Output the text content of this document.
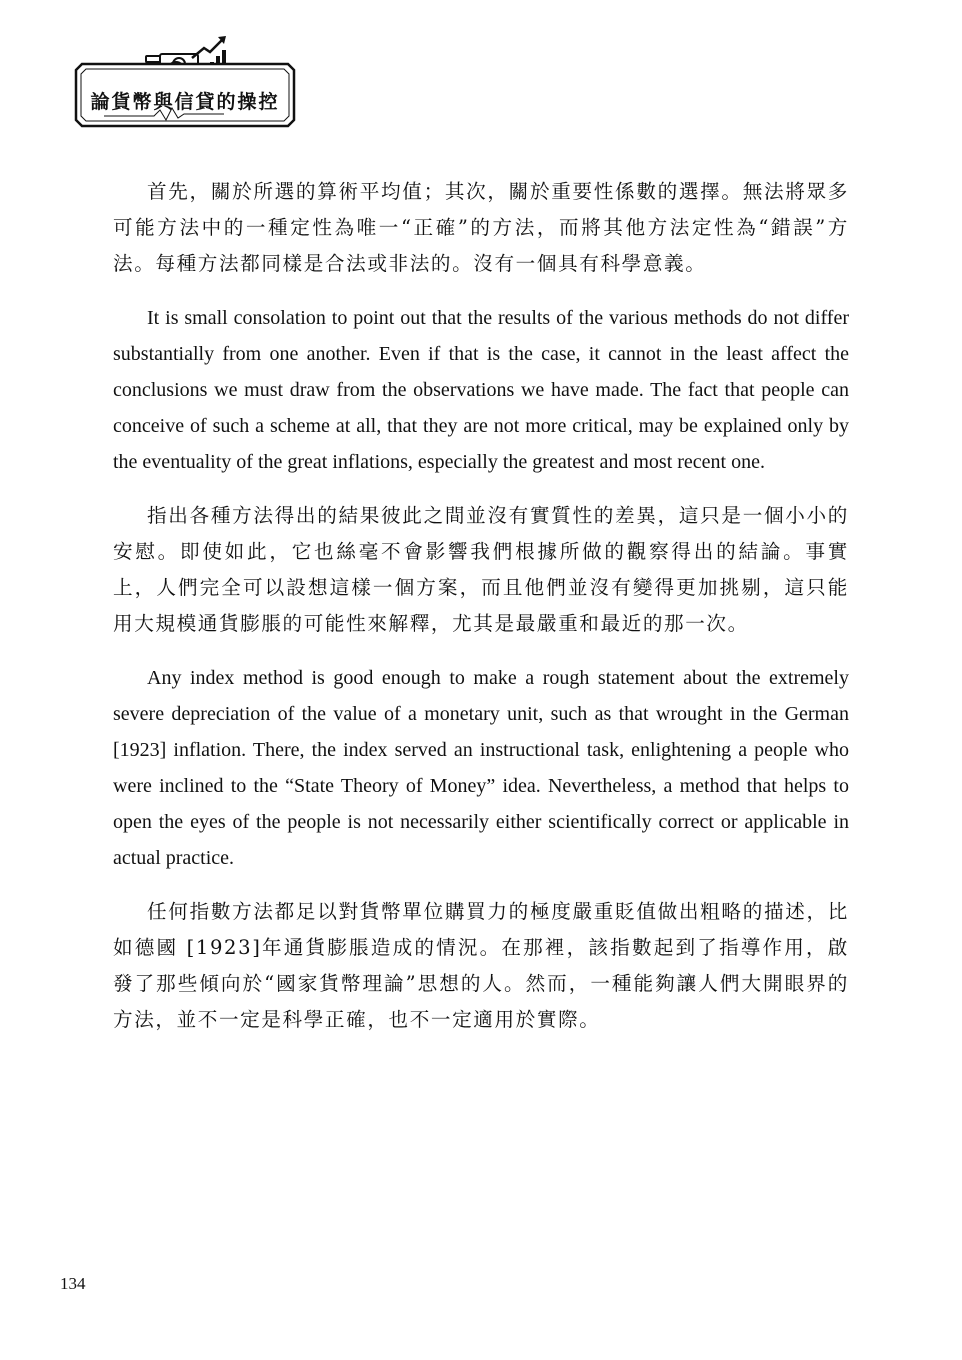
論貨幣與信貸的操控

首先，關於所選的算術平均值；其次，關於重要性係數的選擇。無法將眾多可能方法中的一種定性為唯一“正確”的方法，而將其他方法定性為“錯誤”方法。每種方法都同樣是合法或非法的。沒有一個具有科學意義。

It is small consolation to point out that the results of the various methods do not differ substantially from one another. Even if that is the case, it cannot in the least affect the conclusions we must draw from the observations we have made. The fact that people can conceive of such a scheme at all, that they are not more critical, may be explained only by the eventuality of the great inflations, especially the greatest and most recent one.

指出各種方法得出的結果彼此之間並沒有實質性的差異，這只是一個小小的安慰。即使如此，它也絲毫不會影響我們根據所做的觀察得出的結論。事實上，人們完全可以設想這樣一個方案，而且他們並沒有變得更加挑剔，這只能用大規模通貨膨脹的可能性來解釋，尤其是最嚴重和最近的那一次。

Any index method is good enough to make a rough statement about the extremely severe depreciation of the value of a monetary unit, such as that wrought in the German [1923] inflation. There, the index served an instructional task, enlightening a people who were inclined to the “State Theory of Money” idea. Nevertheless, a method that helps to open the eyes of the people is not necessarily either scientifically correct or applicable in actual practice.

任何指數方法都足以對貨幣單位購買力的極度嚴重貶值做出粗略的描述，比如德國 [1923]年通貨膨脹造成的情況。在那裡，該指數起到了指導作用，啟發了那些傾向於“國家貨幣理論”思想的人。然而，一種能夠讓人們大開眼界的方法，並不一定是科學正確，也不一定適用於實際。

134
